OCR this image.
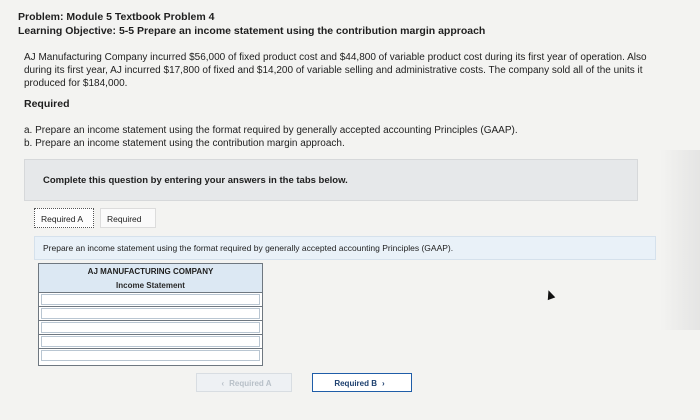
Problem: Module 5 Textbook Problem 4
Learning Objective: 5-5 Prepare an income statement using the contribution margin approach
AJ Manufacturing Company incurred $56,000 of fixed product cost and $44,800 of variable product cost during its first year of operation. Also during its first year, AJ incurred $17,800 of fixed and $14,200 of variable selling and administrative costs. The company sold all of the units it produced for $184,000.
Required
a. Prepare an income statement using the format required by generally accepted accounting Principles (GAAP).
b. Prepare an income statement using the contribution margin approach.
Complete this question by entering your answers in the tabs below.
Required A	Required
Prepare an income statement using the format required by generally accepted accounting Principles (GAAP).
AJ MANUFACTURING COMPANY
Income Statement
‹ Required A	Required B ›
